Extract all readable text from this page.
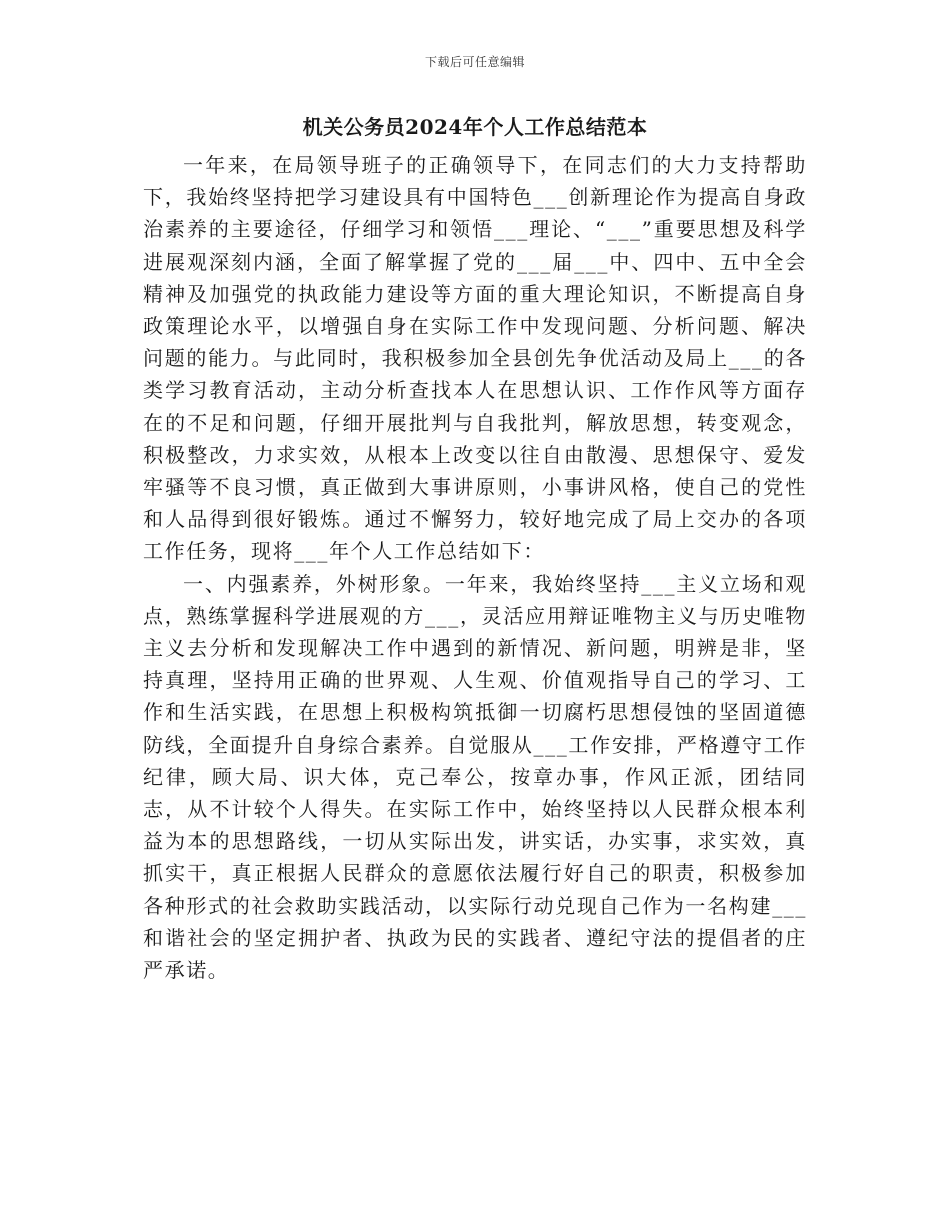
下载后可任意编辑
机关公务员2024年个人工作总结范本

一年来，在局领导班子的正确领导下，在同志们的大力支持帮助下，我始终坚持把学习建设具有中国特色___创新理论作为提高自身政治素养的主要途径，仔细学习和领悟___理论、“___”重要思想及科学进展观深刻内涵，全面了解掌握了党的___届___中、四中、五中全会精神及加强党的执政能力建设等方面的重大理论知识，不断提高自身政策理论水平，以增强自身在实际工作中发现问题、分析问题、解决问题的能力。与此同时，我积极参加全县创先争优活动及局上___的各类学习教育活动，主动分析查找本人在思想认识、工作作风等方面存在的不足和问题，仔细开展批判与自我批判，解放思想，转变观念，积极整改，力求实效，从根本上改变以往自由散漫、思想保守、爱发牢骚等不良习惯，真正做到大事讲原则，小事讲风格，使自己的党性和人品得到很好锻炼。通过不懈努力，较好地完成了局上交办的各项工作任务，现将___年个人工作总结如下：

一、内强素养，外树形象。一年来，我始终坚持___主义立场和观点，熟练掌握科学进展观的方___，灵活应用辩证唯物主义与历史唯物主义去分析和发现解决工作中遇到的新情况、新问题，明辨是非，坚持真理，坚持用正确的世界观、人生观、价值观指导自己的学习、工作和生活实践，在思想上积极构筑抵御一切腐朽思想侵蚀的坚固道德防线，全面提升自身综合素养。自觉服从___工作安排，严格遵守工作纪律，顾大局、识大体，克己奉公，按章办事，作风正派，团结同志，从不计较个人得失。在实际工作中，始终坚持以人民群众根本利益为本的思想路线，一切从实际出发，讲实话，办实事，求实效，真抓实干，真正根据人民群众的意愿依法履行好自己的职责，积极参加各种形式的社会救助实践活动，以实际行动兑现自己作为一名构建___和谐社会的坚定拥护者、执政为民的实践者、遵纪守法的提倡者的庄严承诺。
